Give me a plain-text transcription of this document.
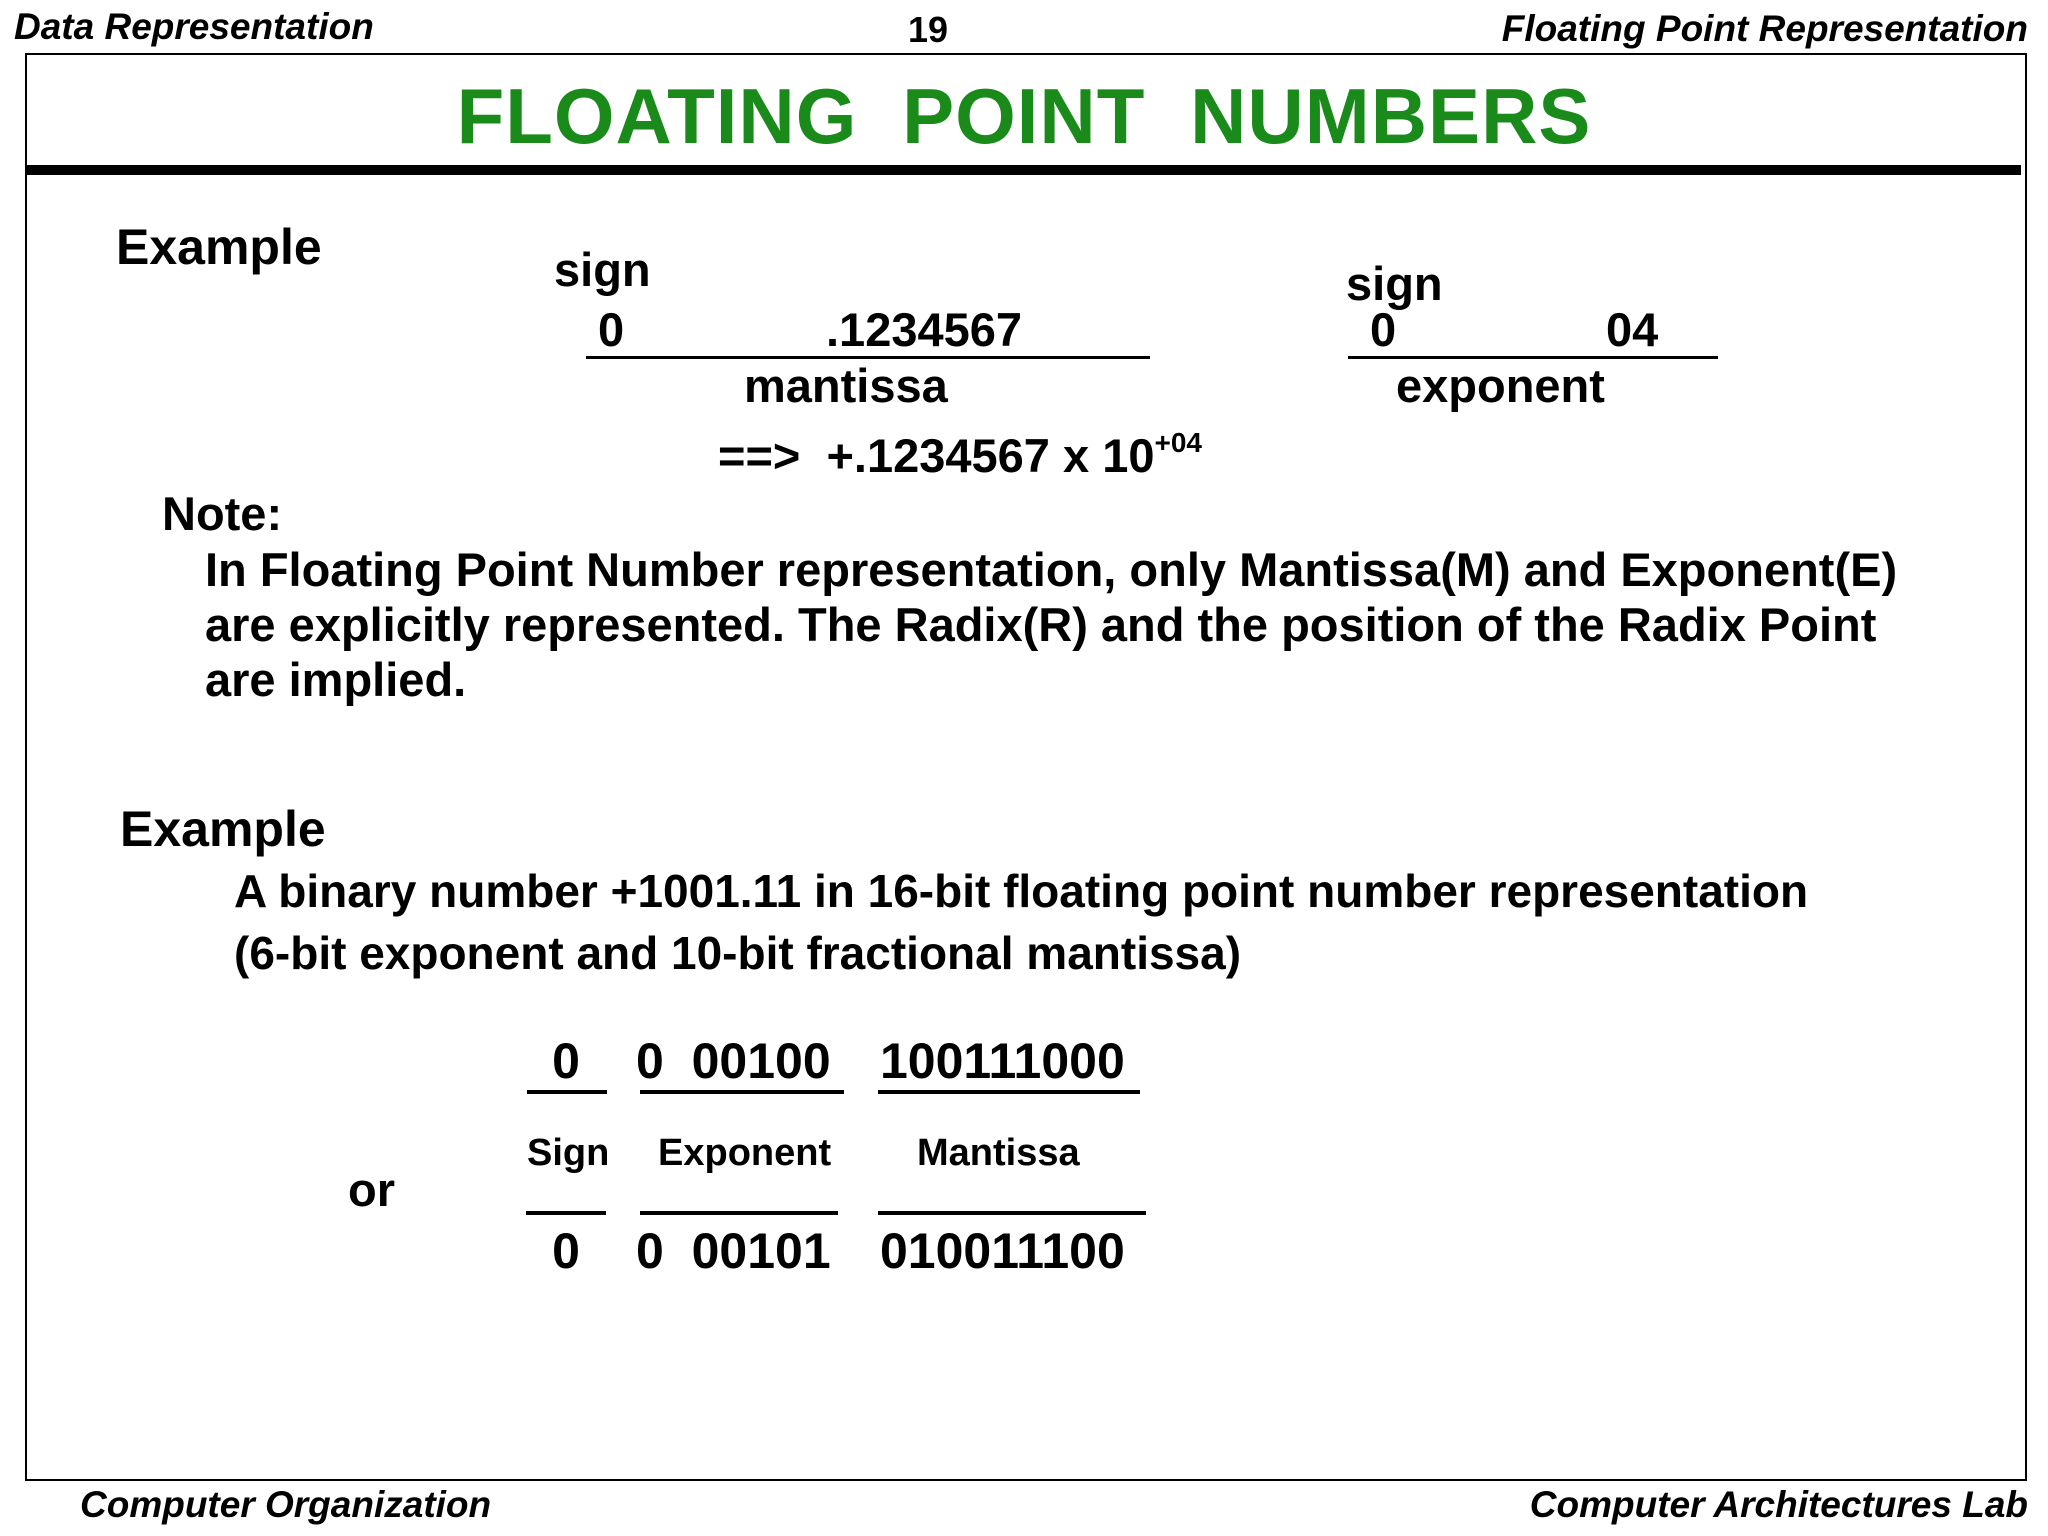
Data Representation	19	Floating Point Representation
FLOATING POINT NUMBERS
Example	sign
0	.1234567
mantissa
sign
0	04
exponent
==> +.1234567 x $10^{+04}$
Note:
In Floating Point Number representation, only Mantissa(M) and Exponent(E) are explicitly represented. The Radix(R) and the position of the Radix Point are implied.
Example
A binary number +1001.11 in 16-bit floating point number representation
(6-bit exponent and 10-bit fractional mantissa)
0	0  00100 100111000
Sign Exponent Mantissa
or
0	0  00101 010011100
Computer Organization	Computer Architectures Lab
